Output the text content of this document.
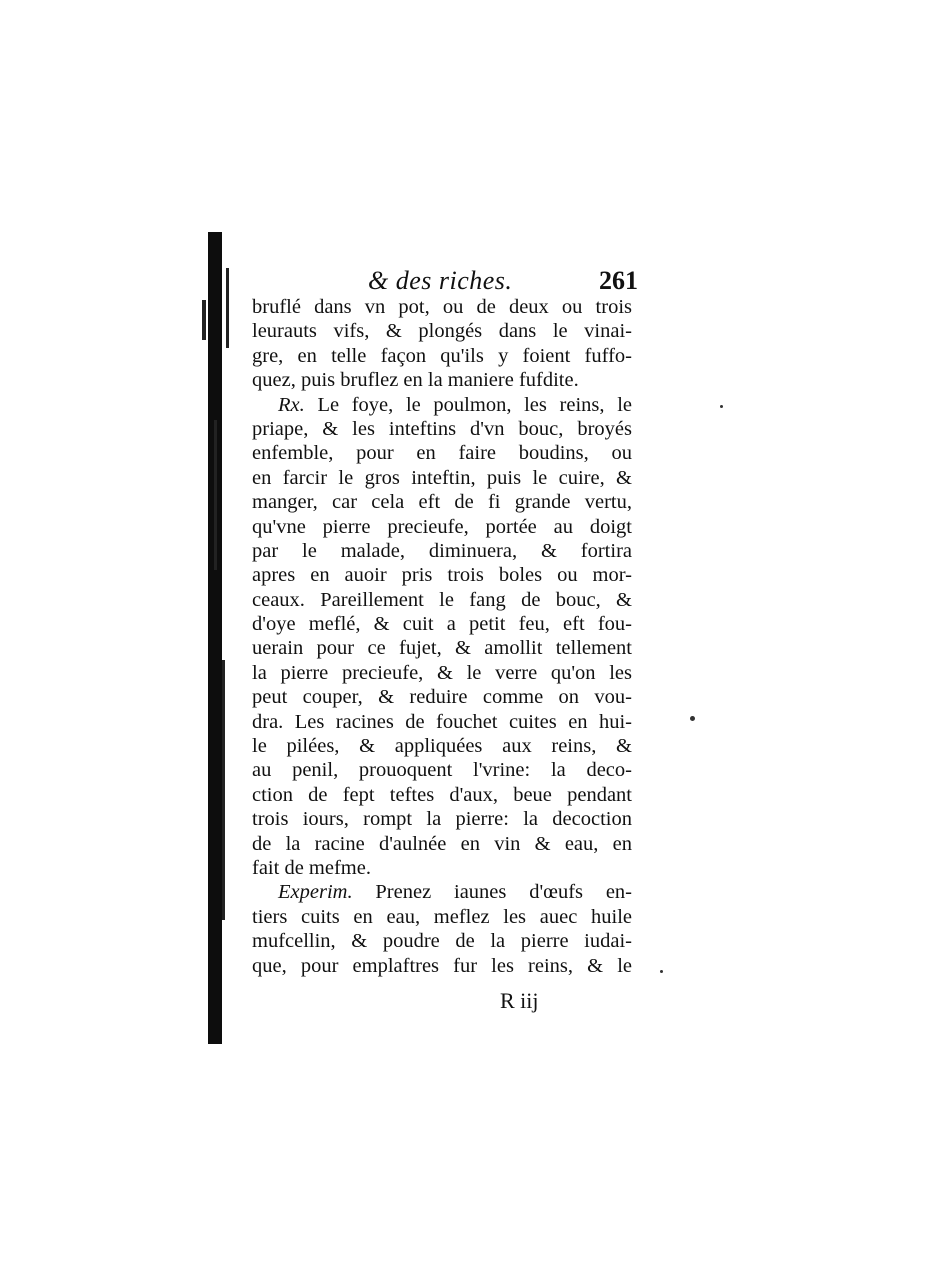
& des riches.	261
bruflé dans vn pot, ou de deux ou trois
leurauts vifs, & plongés dans le vinai-
gre, en telle façon qu'ils y foient fuffo-
quez, puis bruflez en la maniere fufdite.
Rx. Le foye, le poulmon, les reins, le
priape, & les inteftins d'vn bouc, broyés
enfemble, pour en faire boudins, ou
en farcir le gros inteftin, puis le cuire, &
manger, car cela eft de fi grande vertu,
qu'vne pierre precieufe, portée au doigt
par le malade, diminuera, & fortira
apres en auoir pris trois boles ou mor-
ceaux. Pareillement le fang de bouc, &
d'oye meflé, & cuit a petit feu, eft fou-
uerain pour ce fujet, & amollit tellement
la pierre precieufe, & le verre qu'on les
peut couper, & reduire comme on vou-
dra. Les racines de fouchet cuites en hui-
le pilées, & appliquées aux reins, &
au penil, prouoquent l'vrine: la deco-
ction de fept teftes d'aux, beue pendant
trois iours, rompt la pierre: la decoction
de la racine d'aulnée en vin & eau, en
fait de mefme.
Experim. Prenez iaunes d'œufs en-
tiers cuits en eau, meflez les auec huile
mufcellin, & poudre de la pierre iudai-
que, pour emplaftres fur les reins, & le
R iij
